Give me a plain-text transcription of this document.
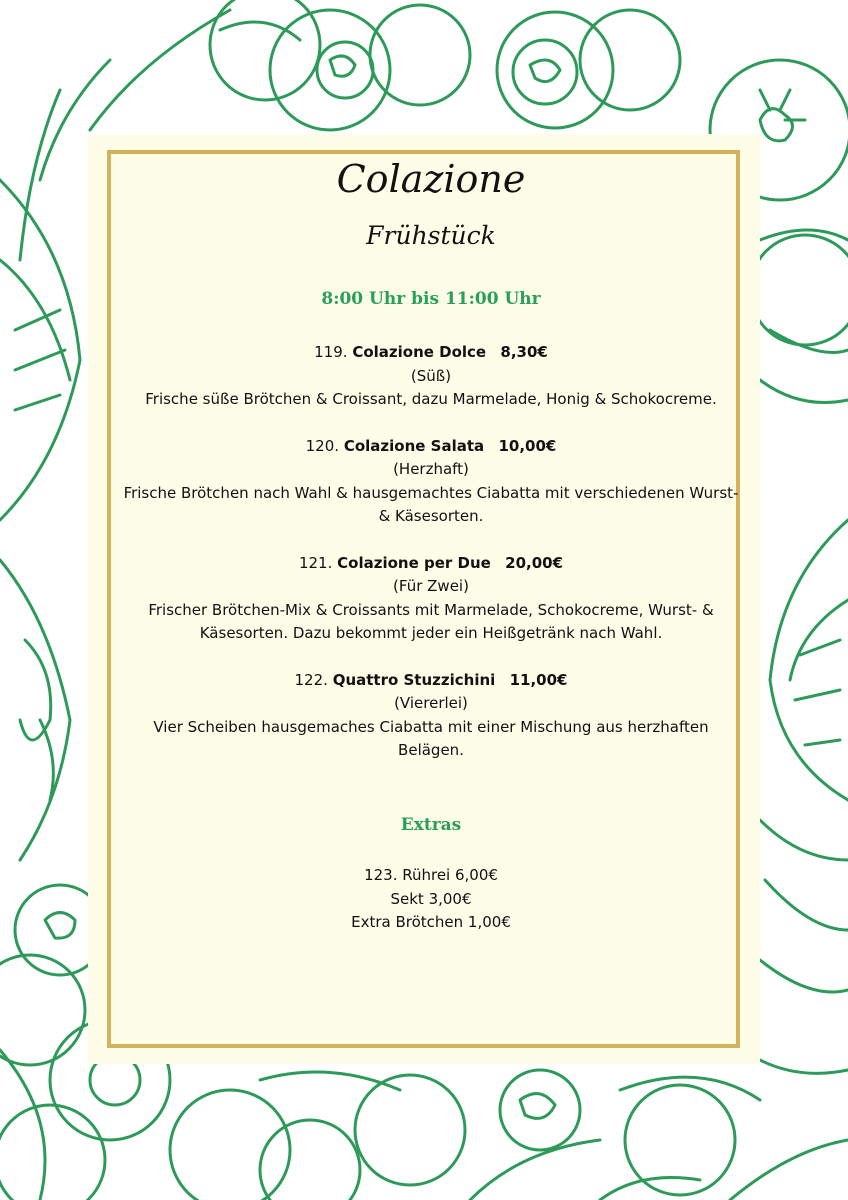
Colazione
Frühstück
8:00 Uhr bis 11:00 Uhr
119. Colazione Dolce 8,30€
(Süß)
Frische süße Brötchen & Croissant, dazu Marmelade, Honig & Schokocreme.
120. Colazione Salata 10,00€
(Herzhaft)
Frische Brötchen nach Wahl & hausgemachtes Ciabatta mit verschiedenen Wurst- & Käsesorten.
121. Colazione per Due 20,00€
(Für Zwei)
Frischer Brötchen-Mix & Croissants mit Marmelade, Schokocreme, Wurst- & Käsesorten. Dazu bekommt jeder ein Heißgetränk nach Wahl.
122. Quattro Stuzzichini 11,00€
(Viererlei)
Vier Scheiben hausgemaches Ciabatta mit einer Mischung aus herzhaften Belägen.
Extras
123. Rührei 6,00€
Sekt 3,00€
Extra Brötchen 1,00€
